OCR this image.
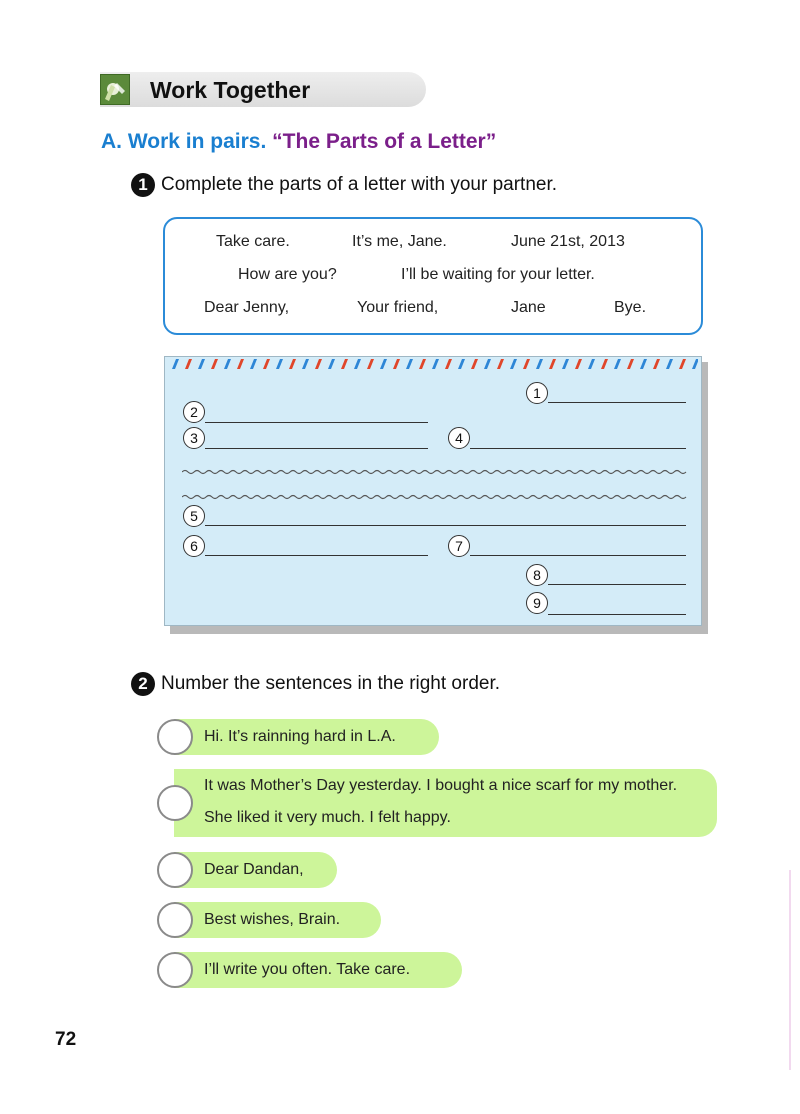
Work Together
A. Work in pairs. “The Parts of a Letter”
1 Complete the parts of a letter with your partner.
Take care.	It’s me, Jane.	June 21st, 2013
How are you?	I’ll be waiting for your letter.
Dear Jenny,	Your friend,	Jane	Bye.
1
2
3	4
5
6	7
8
9
2 Number the sentences in the right order.
Hi. It’s rainning hard in L.A.
It was Mother’s Day yesterday. I bought a nice scarf for my mother.
She liked it very much. I felt happy.
Dear Dandan,
Best wishes, Brain.
I’ll write you often. Take care.
72
